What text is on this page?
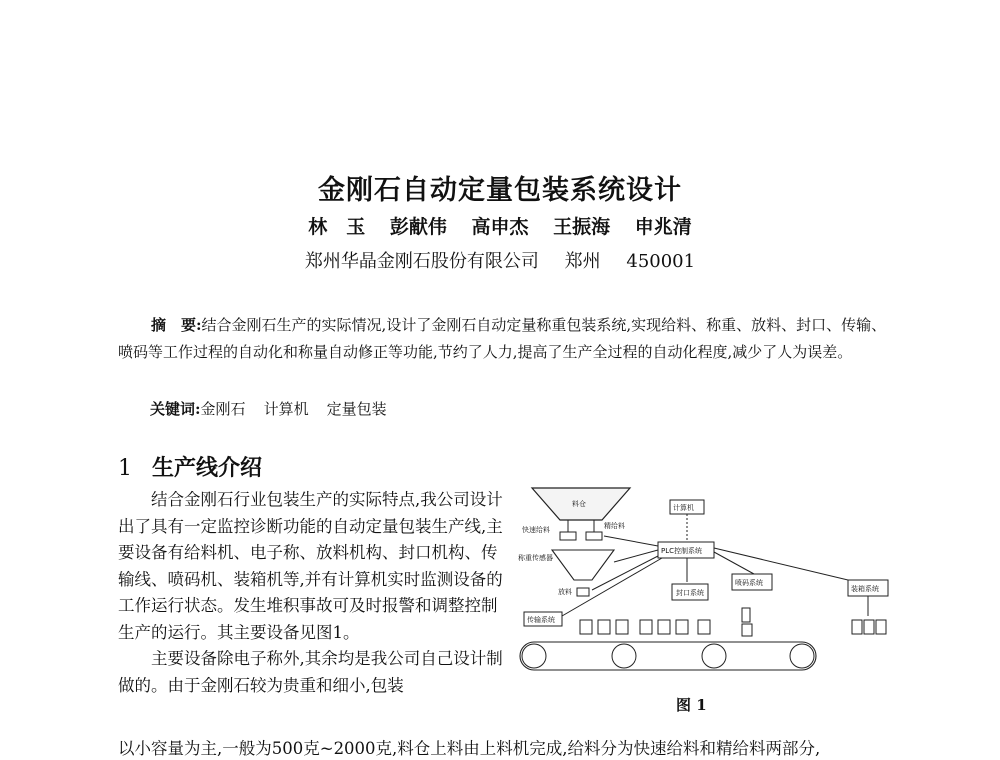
金刚石自动定量包装系统设计
林　玉 彭献伟 高申杰 王振海 申兆清
郑州华晶金刚石股份有限公司 郑州 450001
摘　要:结合金刚石生产的实际情况,设计了金刚石自动定量称重包装系统,实现给料、称重、放料、封口、传输、喷码等工作过程的自动化和称量自动修正等功能,节约了人力,提高了生产全过程的自动化程度,减少了人为误差。
关键词:金刚石 计算机 定量包装
1 生产线介绍

结合金刚石行业包装生产的实际特点,我公司设计出了具有一定监控诊断功能的自动定量包装生产线,主要设备有给料机、电子称、放料机构、封口机构、传输线、喷码机、装箱机等,并有计算机实时监测设备的工作运行状态。发生堆积事故可及时报警和调整控制生产的运行。其主要设备见图1。

主要设备除电子称外,其余均是我公司自己设计制做的。由于金刚石较为贵重和细小,包装

以小容量为主,一般为500克~2000克,料仓上料由上料机完成,给料分为快速给料和精给料两部分,
料仓
快速给料	精给料
称重传感器
放料
计算机
PLC控制系统
封口系统
喷码系统
装箱系统
传输系统
图 1
